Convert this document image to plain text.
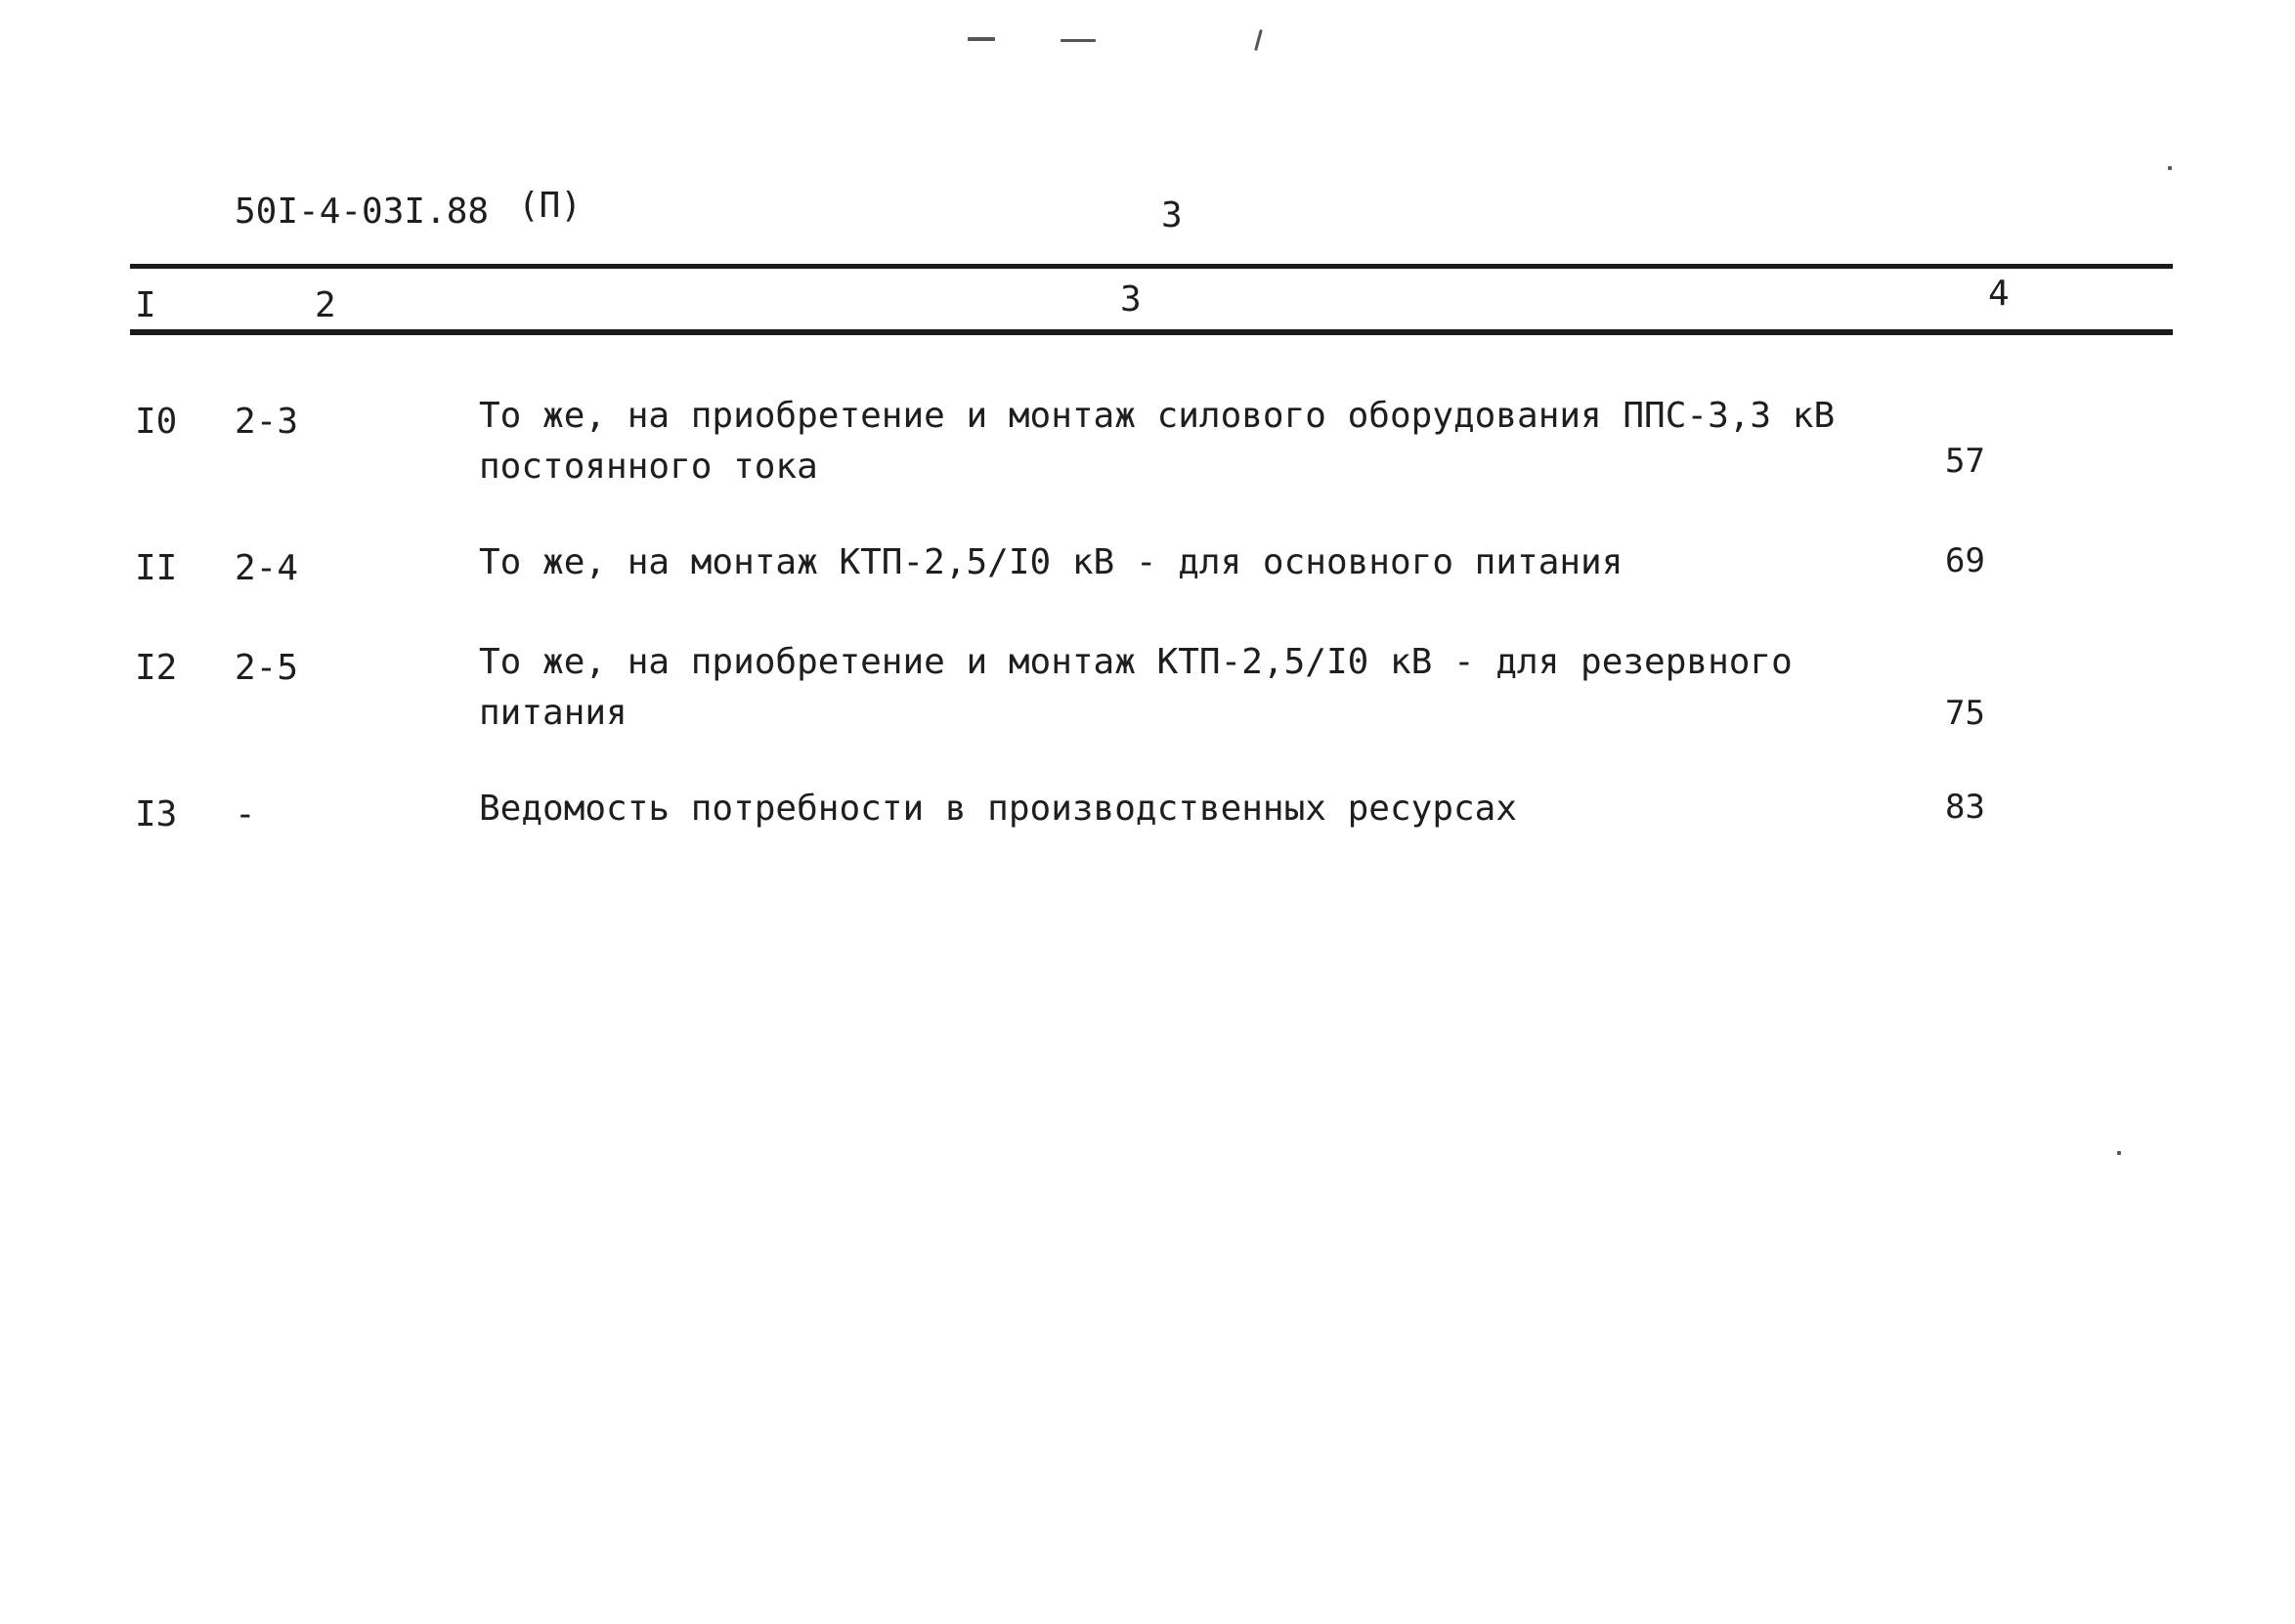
50I-4-03I.88 (П)	3
I	2	3	4
I0 2-3	То же, на приобретение и монтаж силового оборудования ППС-3,3 кВ
постоянного тока	57
II 2-4	То же, на монтаж КТП-2,5/I0 кВ - для основного питания	69
I2 2-5	То же, на приобретение и монтаж КТП-2,5/I0 кВ - для резервного
питания	75
I3 -	Ведомость потребности в производственных ресурсах	83
